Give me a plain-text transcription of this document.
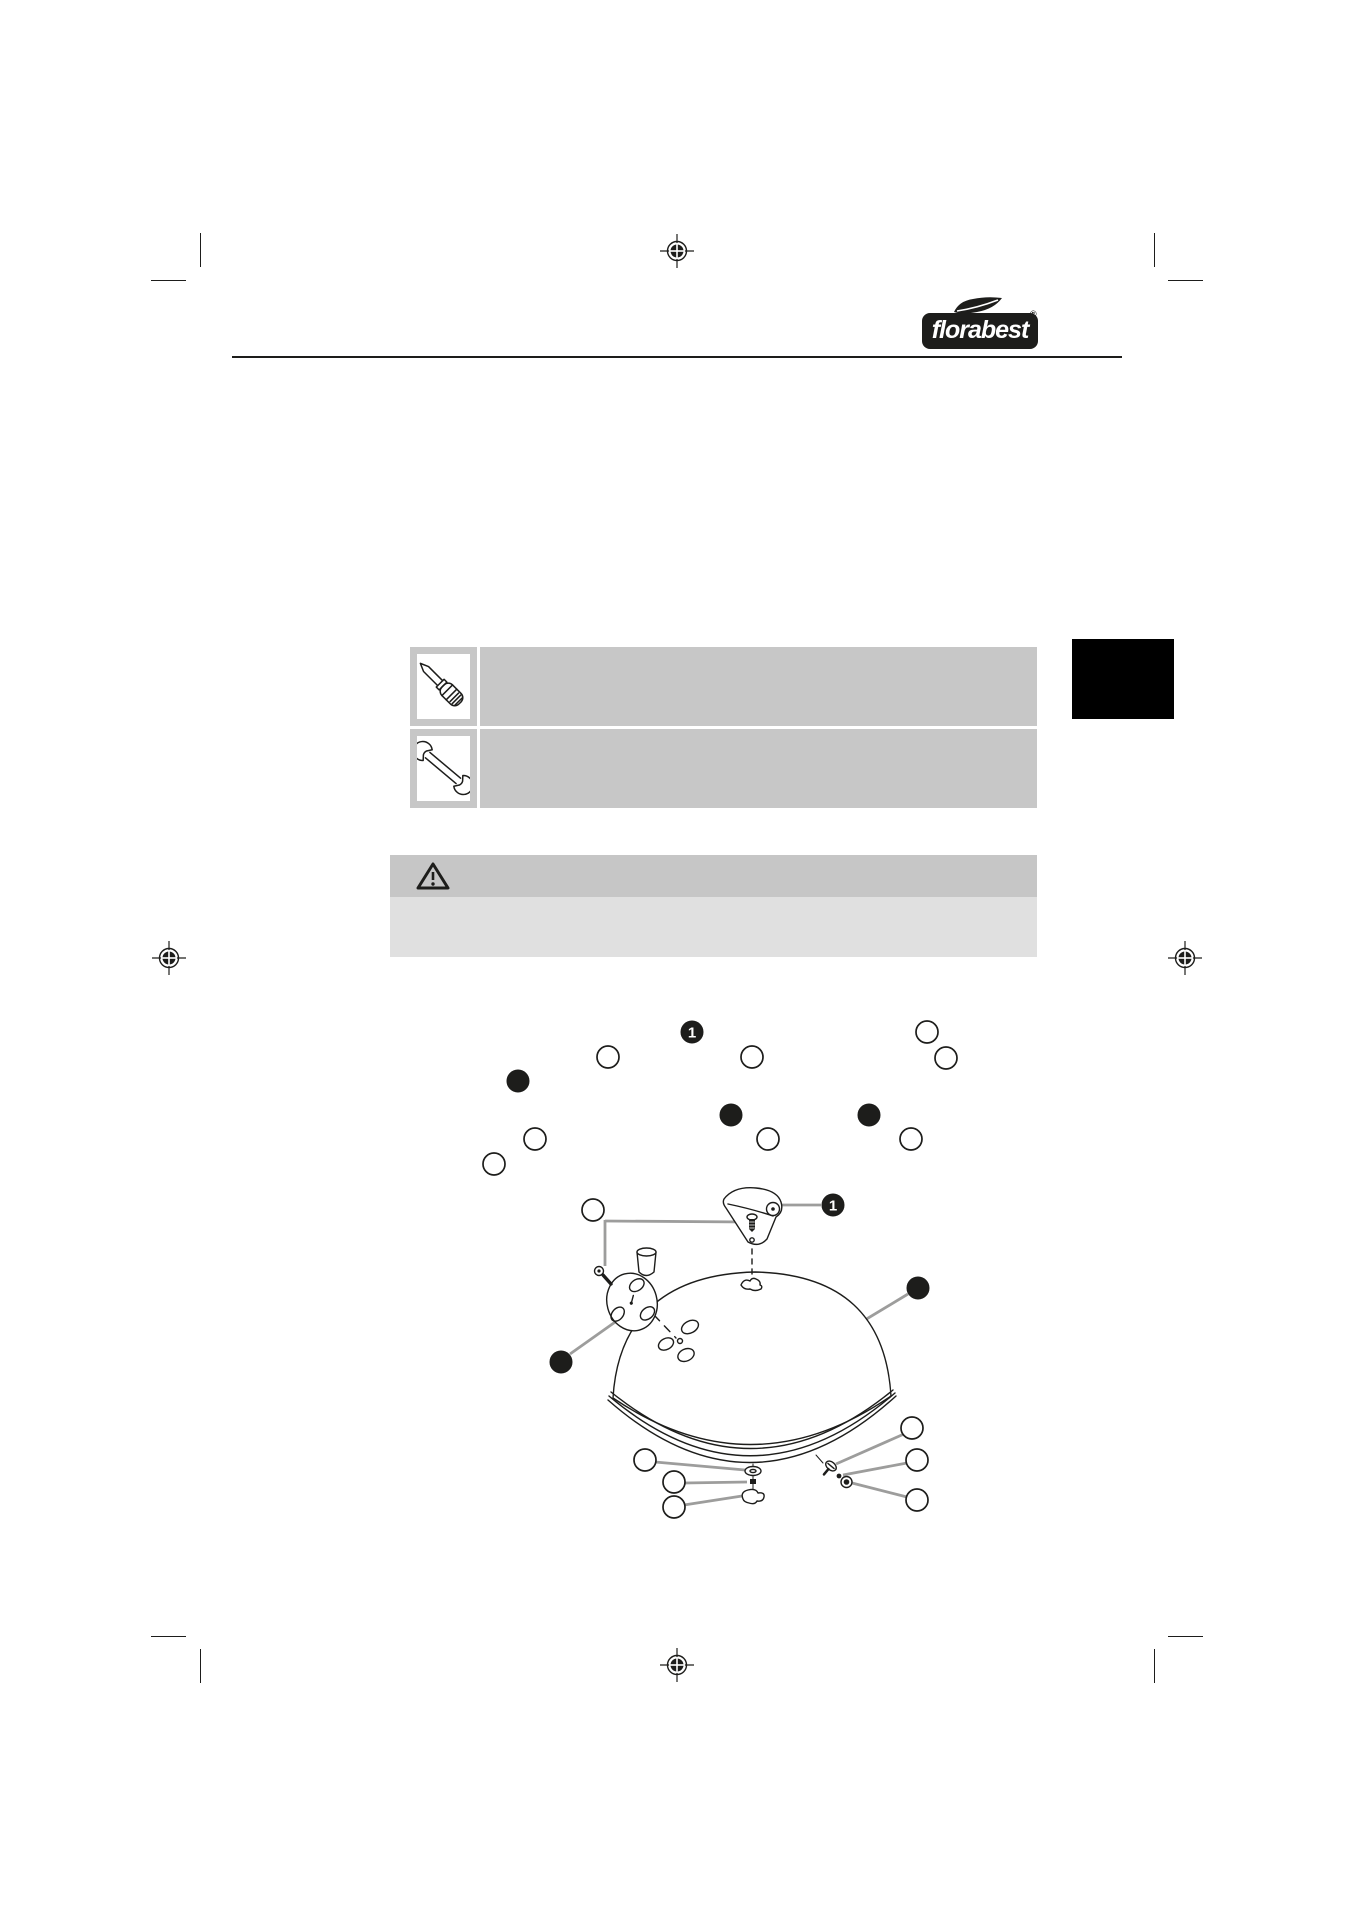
florabest
®
1
1
